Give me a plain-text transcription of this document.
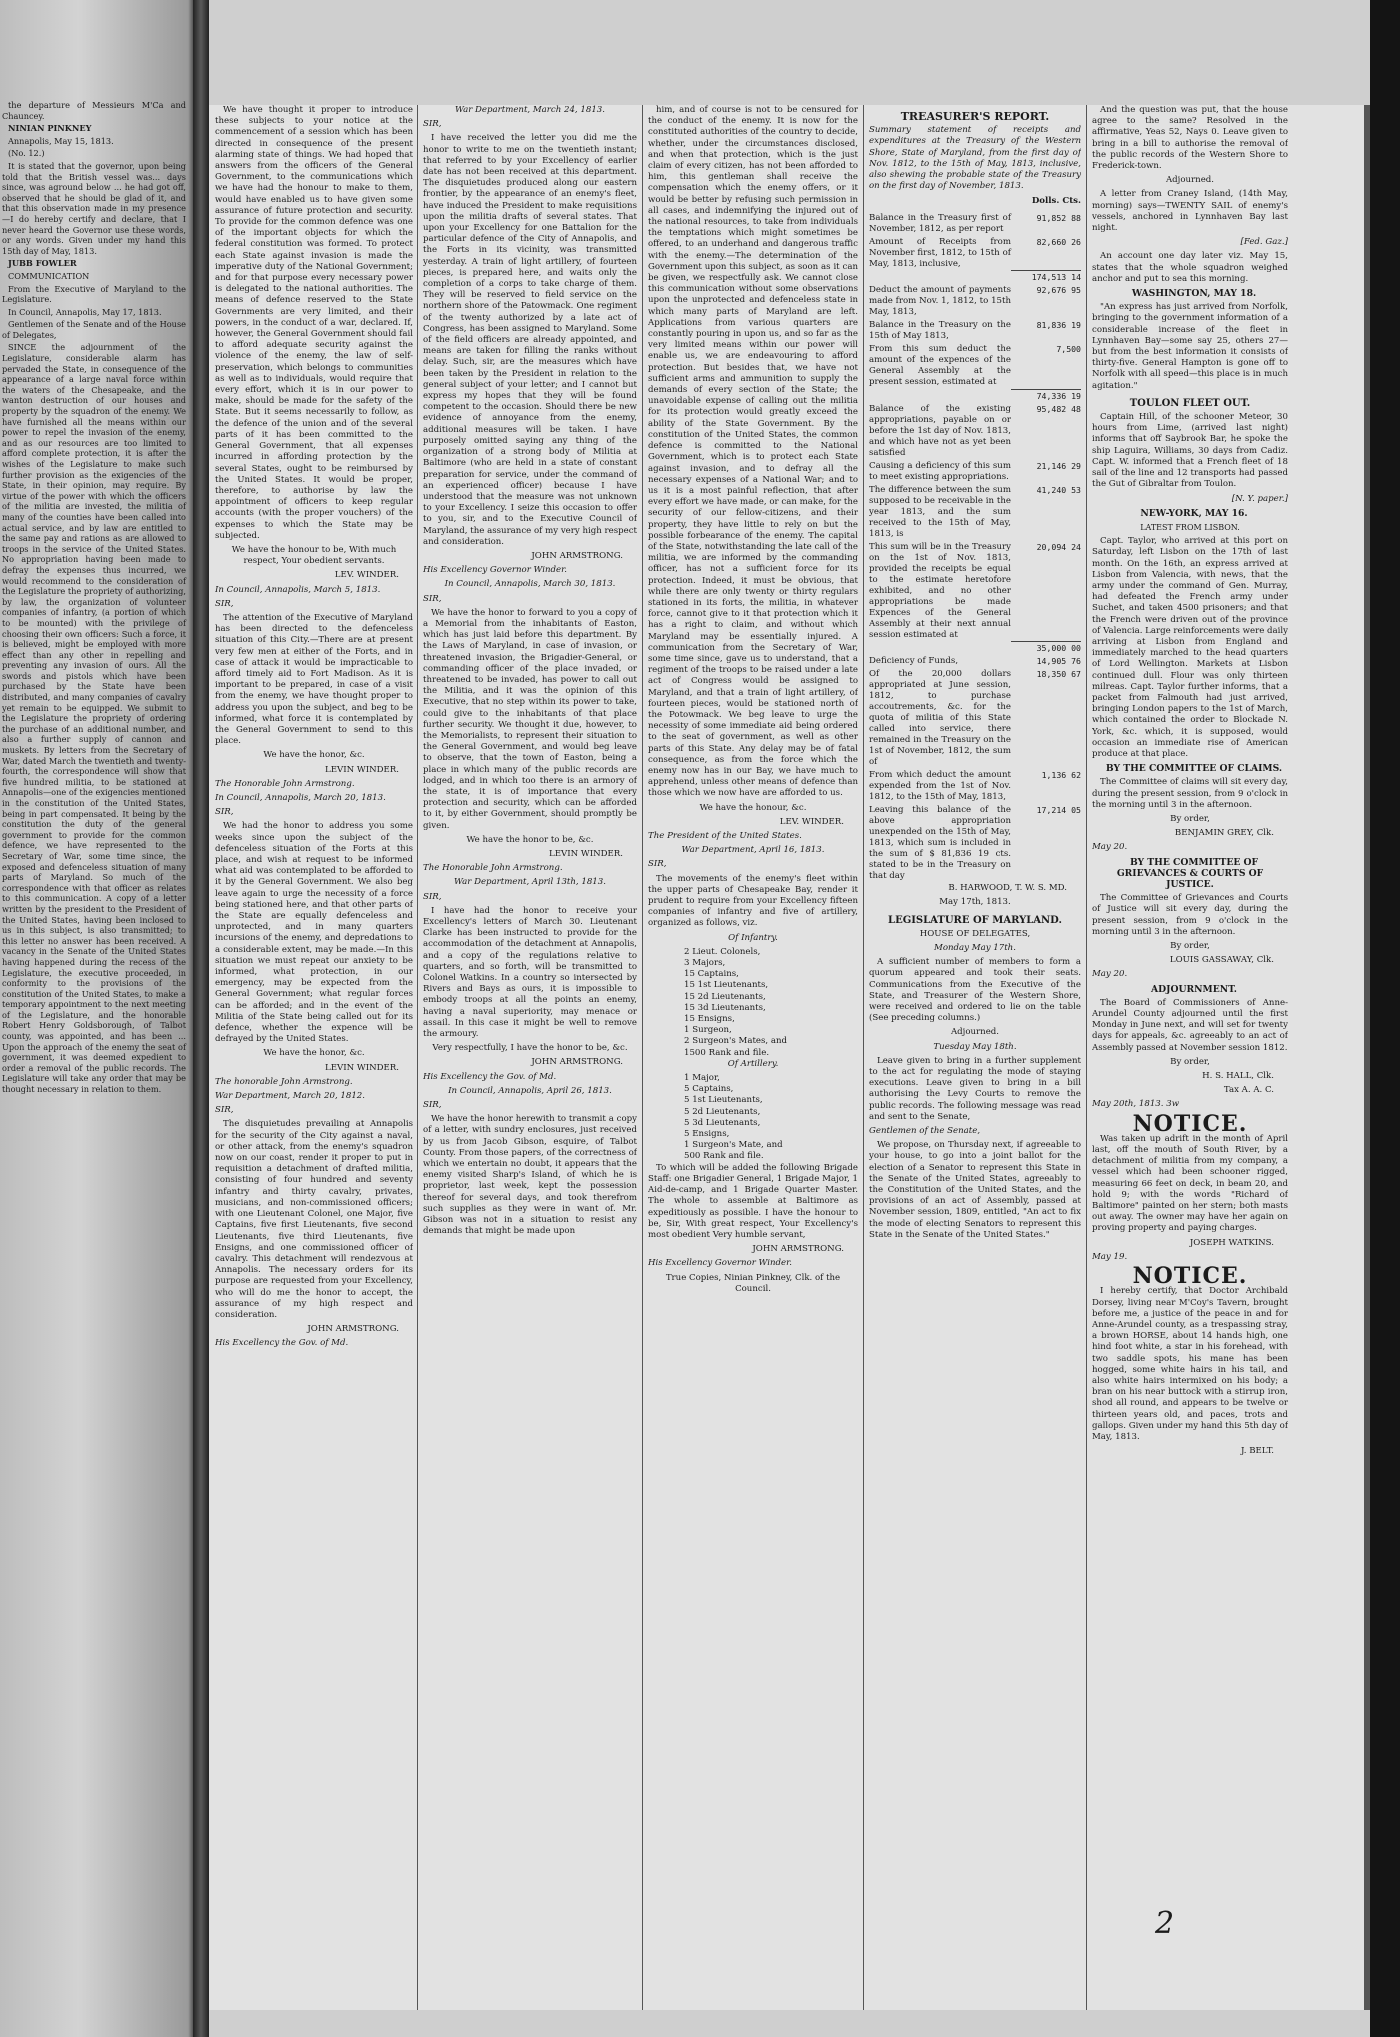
the departure of Messieurs M'Ca and Chauncey.

NINIAN PINKNEY

Annapolis, May 15, 1813.

(No. 12.)

It is stated that the governor, upon being told that the British vessel was... days since, was aground below ... he had got off, observed that he should be glad of it, and that this observation made in my presence—I do hereby certify and declare, that I never heard the Governor use these words, or any words. Given under my hand this 15th day of May, 1813.

JUBB FOWLER

COMMUNICATION

From the Executive of Maryland to the Legislature.

In Council, Annapolis, May 17, 1813.

Gentlemen of the Senate and of the House of Delegates,

SINCE the adjournment of the Legislature, considerable alarm has pervaded the State, in consequence of the appearance of a large naval force within the waters of the Chesapeake, and the wanton destruction of our houses and property by the squadron of the enemy. We have furnished all the means within our power to repel the invasion of the enemy, and as our resources are too limited to afford complete protection, it is after the wishes of the Legislature to make such further provision as the exigencies of the State, in their opinion, may require. By virtue of the power with which the officers of the militia are invested, the militia of many of the counties have been called into actual service, and by law are entitled to the same pay and rations as are allowed to troops in the service of the United States. No appropriation having been made to defray the expenses thus incurred, we would recommend to the consideration of the Legislature the propriety of authorizing, by law, the organization of volunteer companies of infantry, (a portion of which to be mounted) with the privilege of choosing their own officers: Such a force, it is believed, might be employed with more effect than any other in repelling and preventing any invasion of ours. All the swords and pistols which have been purchased by the State have been distributed, and many companies of cavalry yet remain to be equipped. We submit to the Legislature the propriety of ordering the purchase of an additional number, and also a further supply of cannon and muskets. By letters from the Secretary of War, dated March the twentieth and twenty-fourth, the correspondence will show that five hundred militia, to be stationed at Annapolis—one of the exigencies mentioned in the constitution of the United States, being in part compensated. It being by the constitution the duty of the general government to provide for the common defence, we have represented to the Secretary of War, some time since, the exposed and defenceless situation of many parts of Maryland. So much of the correspondence with that officer as relates to this communication. A copy of a letter written by the president to the President of the United States, having been inclosed to us in this subject, is also transmitted; to this letter no answer has been received. A vacancy in the Senate of the United States having happened during the recess of the Legislature, the executive proceeded, in conformity to the provisions of the constitution of the United States, to make a temporary appointment to the next meeting of the Legislature, and the honorable Robert Henry Goldsborough, of Talbot county, was appointed, and has been ... Upon the approach of the enemy the seat of government, it was deemed expedient to order a removal of the public records. The Legislature will take any order that may be thought necessary in relation to them.

We have thought it proper to introduce these subjects to your notice at the commencement of a session which has been directed in consequence of the present alarming state of things. We had hoped that answers from the officers of the General Government, to the communications which we have had the honour to make to them, would have enabled us to have given some assurance of future protection and security. To provide for the common defence was one of the important objects for which the federal constitution was formed. To protect each State against invasion is made the imperative duty of the National Government; and for that purpose every necessary power is delegated to the national authorities. The means of defence reserved to the State Governments are very limited, and their powers, in the conduct of a war, declared. If, however, the General Government should fail to afford adequate security against the violence of the enemy, the law of self-preservation, which belongs to communities as well as to individuals, would require that every effort, which it is in our power to make, should be made for the safety of the State. But it seems necessarily to follow, as the defence of the union and of the several parts of it has been committed to the General Government, that all expenses incurred in affording protection by the several States, ought to be reimbursed by the United States. It would be proper, therefore, to authorise by law the appointment of officers to keep regular accounts (with the proper vouchers) of the expenses to which the State may be subjected.

We have the honour to be, With much respect, Your obedient servants.

LEV. WINDER.

In Council, Annapolis, March 5, 1813.

SIR,

The attention of the Executive of Maryland has been directed to the defenceless situation of this City.—There are at present very few men at either of the Forts, and in case of attack it would be impracticable to afford timely aid to Fort Madison. As it is important to be prepared, in case of a visit from the enemy, we have thought proper to address you upon the subject, and beg to be informed, what force it is contemplated by the General Government to send to this place.

We have the honor, &c.

LEVIN WINDER.

The Honorable John Armstrong.

In Council, Annapolis, March 20, 1813.

SIR,

We had the honor to address you some weeks since upon the subject of the defenceless situation of the Forts at this place, and wish at request to be informed what aid was contemplated to be afforded to it by the General Government. We also beg leave again to urge the necessity of a force being stationed here, and that other parts of the State are equally defenceless and unprotected, and in many quarters incursions of the enemy, and depredations to a considerable extent, may be made.—In this situation we must repeat our anxiety to be informed, what protection, in our emergency, may be expected from the General Government; what regular forces can be afforded; and in the event of the Militia of the State being called out for its defence, whether the expence will be defrayed by the United States.

We have the honor, &c.

LEVIN WINDER.

The honorable John Armstrong.

War Department, March 20, 1812.

SIR,

The disquietudes prevailing at Annapolis for the security of the City against a naval, or other attack, from the enemy's squadron now on our coast, render it proper to put in requisition a detachment of drafted militia, consisting of four hundred and seventy infantry and thirty cavalry, privates, musicians, and non-commissioned officers; with one Lieutenant Colonel, one Major, five Captains, five first Lieutenants, five second Lieutenants, five third Lieutenants, five Ensigns, and one commissioned officer of cavalry. This detachment will rendezvous at Annapolis. The necessary orders for its purpose are requested from your Excellency, who will do me the honor to accept, the assurance of my high respect and consideration.

JOHN ARMSTRONG.

His Excellency the Gov. of Md.

War Department, March 24, 1813.

SIR,

I have received the letter you did me the honor to write to me on the twentieth instant; that referred to by your Excellency of earlier date has not been received at this department. The disquietudes produced along our eastern frontier, by the appearance of an enemy's fleet, have induced the President to make requisitions upon the militia drafts of several states. That upon your Excellency for one Battalion for the particular defence of the City of Annapolis, and the Forts in its vicinity, was transmitted yesterday. A train of light artillery, of fourteen pieces, is prepared here, and waits only the completion of a corps to take charge of them. They will be reserved to field service on the northern shore of the Patowmack. One regiment of the twenty authorized by a late act of Congress, has been assigned to Maryland. Some of the field officers are already appointed, and means are taken for filling the ranks without delay. Such, sir, are the measures which have been taken by the President in relation to the general subject of your letter; and I cannot but express my hopes that they will be found competent to the occasion. Should there be new evidence of annoyance from the enemy, additional measures will be taken. I have purposely omitted saying any thing of the organization of a strong body of Militia at Baltimore (who are held in a state of constant preparation for service, under the command of an experienced officer) because I have understood that the measure was not unknown to your Excellency. I seize this occasion to offer to you, sir, and to the Executive Council of Maryland, the assurance of my very high respect and consideration.

JOHN ARMSTRONG.

His Excellency Governor Winder.

In Council, Annapolis, March 30, 1813.

SIR,

We have the honor to forward to you a copy of a Memorial from the inhabitants of Easton, which has just laid before this department. By the Laws of Maryland, in case of invasion, or threatened invasion, the Brigadier-General, or commanding officer of the place invaded, or threatened to be invaded, has power to call out the Militia, and it was the opinion of this Executive, that no step within its power to take, could give to the inhabitants of that place further security. We thought it due, however, to the Memorialists, to represent their situation to the General Government, and would beg leave to observe, that the town of Easton, being a place in which many of the public records are lodged, and in which too there is an armory of the state, it is of importance that every protection and security, which can be afforded to it, by either Government, should promptly be given.

We have the honor to be, &c.

LEVIN WINDER.

The Honorable John Armstrong.

War Department, April 13th, 1813.

SIR,

I have had the honor to receive your Excellency's letters of March 30. Lieutenant Clarke has been instructed to provide for the accommodation of the detachment at Annapolis, and a copy of the regulations relative to quarters, and so forth, will be transmitted to Colonel Watkins. In a country so intersected by Rivers and Bays as ours, it is impossible to embody troops at all the points an enemy, having a naval superiority, may menace or assail. In this case it might be well to remove the armoury.

Very respectfully, I have the honor to be, &c.

JOHN ARMSTRONG.

His Excellency the Gov. of Md.

In Council, Annapolis, April 26, 1813.

SIR,

We have the honor herewith to transmit a copy of a letter, with sundry enclosures, just received by us from Jacob Gibson, esquire, of Talbot County. From those papers, of the correctness of which we entertain no doubt, it appears that the enemy visited Sharp's Island, of which he is proprietor, last week, kept the possession thereof for several days, and took therefrom such supplies as they were in want of. Mr. Gibson was not in a situation to resist any demands that might be made upon

him, and of course is not to be censured for the conduct of the enemy. It is now for the constituted authorities of the country to decide, whether, under the circumstances disclosed, and when that protection, which is the just claim of every citizen, has not been afforded to him, this gentleman shall receive the compensation which the enemy offers, or it would be better by refusing such permission in all cases, and indemnifying the injured out of the national resources, to take from individuals the temptations which might sometimes be offered, to an underhand and dangerous traffic with the enemy.—The determination of the Government upon this subject, as soon as it can be given, we respectfully ask. We cannot close this communication without some observations upon the unprotected and defenceless state in which many parts of Maryland are left. Applications from various quarters are constantly pouring in upon us, and so far as the very limited means within our power will enable us, we are endeavouring to afford protection. But besides that, we have not sufficient arms and ammunition to supply the demands of every section of the State; the unavoidable expense of calling out the militia for its protection would greatly exceed the ability of the State Government. By the constitution of the United States, the common defence is committed to the National Government, which is to protect each State against invasion, and to defray all the necessary expenses of a National War; and to us it is a most painful reflection, that after every effort we have made, or can make, for the security of our fellow-citizens, and their property, they have little to rely on but the possible forbearance of the enemy. The capital of the State, notwithstanding the late call of the militia, we are informed by the commanding officer, has not a sufficient force for its protection. Indeed, it must be obvious, that while there are only twenty or thirty regulars stationed in its forts, the militia, in whatever force, cannot give to it that protection which it has a right to claim, and without which Maryland may be essentially injured. A communication from the Secretary of War, some time since, gave us to understand, that a regiment of the troops to be raised under a late act of Congress would be assigned to Maryland, and that a train of light artillery, of fourteen pieces, would be stationed north of the Potowmack. We beg leave to urge the necessity of some immediate aid being ordered to the seat of government, as well as other parts of this State. Any delay may be of fatal consequence, as from the force which the enemy now has in our Bay, we have much to apprehend, unless other means of defence than those which we now have are afforded to us.

We have the honour, &c.

LEV. WINDER.

The President of the United States.

War Department, April 16, 1813.

SIR,

The movements of the enemy's fleet within the upper parts of Chesapeake Bay, render it prudent to require from your Excellency fifteen companies of infantry and five of artillery, organized as follows, viz.

Of Infantry.

2 Lieut. Colonels,
3 Majors,
15 Captains,
15 1st Lieutenants,
15 2d Lieutenants,
15 3d Lieutenants,
15 Ensigns,
1 Surgeon,
2 Surgeon's Mates, and
1500 Rank and file.

Of Artillery.

1 Major,
5 Captains,
5 1st Lieutenants,
5 2d Lieutenants,
5 3d Lieutenants,
5 Ensigns,
1 Surgeon's Mate, and
500 Rank and file.

To which will be added the following Brigade Staff: one Brigadier General, 1 Brigade Major, 1 Aid-de-camp, and 1 Brigade Quarter Master. The whole to assemble at Baltimore as expeditiously as possible. I have the honour to be, Sir, With great respect, Your Excellency's most obedient Very humble servant,

JOHN ARMSTRONG.

His Excellency Governor Winder.

True Copies, Ninian Pinkney, Clk. of the Council.

TREASURER'S REPORT.

Summary statement of receipts and expenditures at the Treasury of the Western Shore, State of Maryland, from the first day of Nov. 1812, to the 15th of May, 1813, inclusive, also shewing the probable state of the Treasury on the first day of November, 1813.

Dolls. Cts.
Balance in the Treasury first of November, 1812, as per report	91,852 88
Amount of Receipts from November first, 1812, to 15th of May, 1813, inclusive,	82,660 26
	174,513 14
Deduct the amount of payments made from Nov. 1, 1812, to 15th May, 1813,	92,676 95
Balance in the Treasury on the 15th of May 1813,	81,836 19
From this sum deduct the amount of the expences of the General Assembly at the present session, estimated at	7,500
	74,336 19
Balance of the existing appropriations, payable on or before the 1st day of Nov. 1813, and which have not as yet been satisfied	95,482 48
Causing a deficiency of this sum to meet existing appropriations.	21,146 29
The difference between the sum supposed to be receivable in the year 1813, and the sum received to the 15th of May, 1813, is	41,240 53
This sum will be in the Treasury on the 1st of Nov. 1813, provided the receipts be equal to the estimate heretofore exhibited, and no other appropriations be made Expences of the General Assembly at their next annual session estimated at	20,094 24
	35,000 00
Deficiency of Funds,	14,905 76
Of the 20,000 dollars appropriated at June session, 1812, to purchase accoutrements, &c. for the quota of militia of this State called into service, there remained in the Treasury on the 1st of November, 1812, the sum of	18,350 67
From which deduct the amount expended from the 1st of Nov. 1812, to the 15th of May, 1813,	1,136 62
Leaving this balance of the above appropriation unexpended on the 15th of May, 1813, which sum is included in the sum of $ 81,836 19 cts. stated to be in the Treasury on that day	17,214 05

B. HARWOOD, T. W. S. MD.

May 17th, 1813.

LEGISLATURE OF MARYLAND.

HOUSE OF DELEGATES,

Monday May 17th.

A sufficient number of members to form a quorum appeared and took their seats. Communications from the Executive of the State, and Treasurer of the Western Shore, were received and ordered to lie on the table (See preceding columns.)

Adjourned.

Tuesday May 18th.

Leave given to bring in a further supplement to the act for regulating the mode of staying executions. Leave given to bring in a bill authorising the Levy Courts to remove the public records. The following message was read and sent to the Senate,

Gentlemen of the Senate,

We propose, on Thursday next, if agreeable to your house, to go into a joint ballot for the election of a Senator to represent this State in the Senate of the United States, agreeably to the Constitution of the United States, and the provisions of an act of Assembly, passed at November session, 1809, entitled, "An act to fix the mode of electing Senators to represent this State in the Senate of the United States."

And the question was put, that the house agree to the same? Resolved in the affirmative, Yeas 52, Nays 0. Leave given to bring in a bill to authorise the removal of the public records of the Western Shore to Frederick-town.

Adjourned.

A letter from Craney Island, (14th May, morning) says—TWENTY SAIL of enemy's vessels, anchored in Lynnhaven Bay last night.

[Fed. Gaz.]

An account one day later viz. May 15, states that the whole squadron weighed anchor and put to sea this morning.

WASHINGTON, MAY 18.

"An express has just arrived from Norfolk, bringing to the government information of a considerable increase of the fleet in Lynnhaven Bay—some say 25, others 27—but from the best information it consists of thirty-five. General Hampton is gone off to Norfolk with all speed—this place is in much agitation."

TOULON FLEET OUT.

Captain Hill, of the schooner Meteor, 30 hours from Lime, (arrived last night) informs that off Saybrook Bar, he spoke the ship Laguira, Williams, 30 days from Cadiz. Capt. W. informed that a French fleet of 18 sail of the line and 12 transports had passed the Gut of Gibraltar from Toulon.

[N. Y. paper.]

NEW-YORK, MAY 16.

LATEST FROM LISBON.

Capt. Taylor, who arrived at this port on Saturday, left Lisbon on the 17th of last month. On the 16th, an express arrived at Lisbon from Valencia, with news, that the army under the command of Gen. Murray, had defeated the French army under Suchet, and taken 4500 prisoners; and that the French were driven out of the province of Valencia. Large reinforcements were daily arriving at Lisbon from England and immediately marched to the head quarters of Lord Wellington. Markets at Lisbon continued dull. Flour was only thirteen milreas. Capt. Taylor further informs, that a packet from Falmouth had just arrived, bringing London papers to the 1st of March, which contained the order to Blockade N. York, &c. which, it is supposed, would occasion an immediate rise of American produce at that place.

BY THE COMMITTEE OF CLAIMS.

The Committee of claims will sit every day, during the present session, from 9 o'clock in the morning until 3 in the afternoon.

By order,

BENJAMIN GREY, Clk.

May 20.

BY THE COMMITTEE OF GRIEVANCES & COURTS OF JUSTICE.

The Committee of Grievances and Courts of Justice will sit every day, during the present session, from 9 o'clock in the morning until 3 in the afternoon.

By order,

LOUIS GASSAWAY, Clk.

May 20.

ADJOURNMENT.

The Board of Commissioners of Anne-Arundel County adjourned until the first Monday in June next, and will set for twenty days for appeals, &c. agreeably to an act of Assembly passed at November session 1812.

By order,

H. S. HALL, Clk.

Tax A. A. C.

May 20th, 1813. 3w

NOTICE.

Was taken up adrift in the month of April last, off the mouth of South River, by a detachment of militia from my company, a vessel which had been schooner rigged, measuring 66 feet on deck, in beam 20, and hold 9; with the words "Richard of Baltimore" painted on her stern; both masts out away. The owner may have her again on proving property and paying charges.

JOSEPH WATKINS.

May 19.

NOTICE.

I hereby certify, that Doctor Archibald Dorsey, living near M'Coy's Tavern, brought before me, a justice of the peace in and for Anne-Arundel county, as a trespassing stray, a brown HORSE, about 14 hands high, one hind foot white, a star in his forehead, with two saddle spots, his mane has been hogged, some white hairs in his tail, and also white hairs intermixed on his body; a bran on his near buttock with a stirrup iron, shod all round, and appears to be twelve or thirteen years old, and paces, trots and gallops. Given under my hand this 5th day of May, 1813.

J. BELT.

2
